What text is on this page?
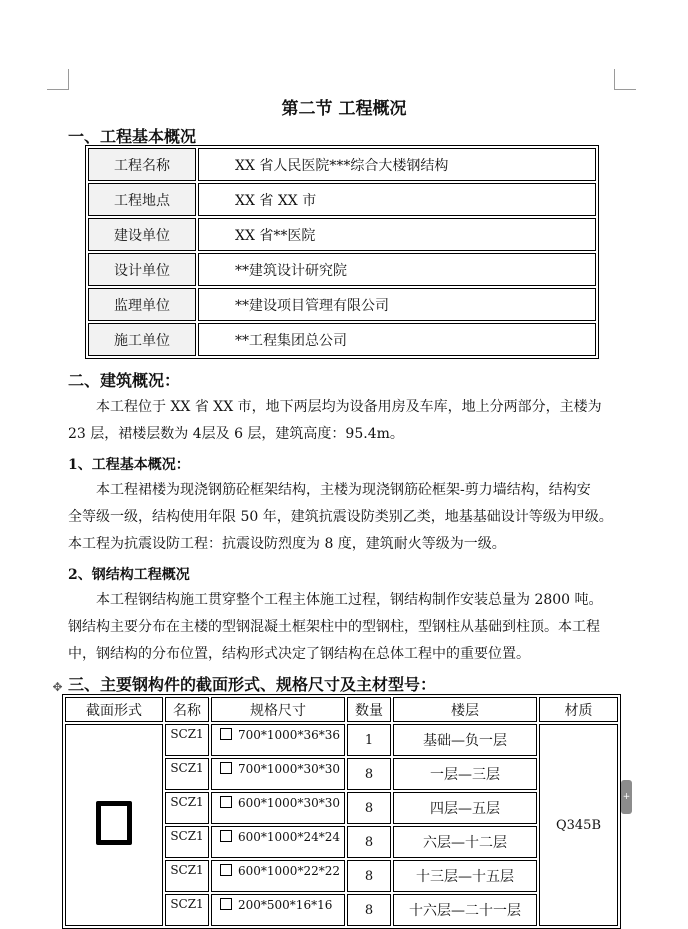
第二节 工程概况
一、工程基本概况
工程名称	XX 省人民医院***综合大楼钢结构
工程地点	XX 省 XX 市
建设单位	XX 省**医院
设计单位	**建筑设计研究院
监理单位	**建设项目管理有限公司
施工单位	**工程集团总公司
二、建筑概况：

本工程位于 XX 省 XX 市，地下两层均为设备用房及车库，地上分两部分，主楼为

23 层，裙楼层数为 4层及 6 层，建筑高度：95.4m。

1、工程基本概况：

本工程裙楼为现浇钢筋砼框架结构，主楼为现浇钢筋砼框架-剪力墙结构，结构安

全等级一级，结构使用年限 50 年，建筑抗震设防类别乙类，地基基础设计等级为甲级。

本工程为抗震设防工程：抗震设防烈度为 8 度，建筑耐火等级为一级。

2、钢结构工程概况

本工程钢结构施工贯穿整个工程主体施工过程，钢结构制作安装总量为 2800 吨。

钢结构主要分布在主楼的型钢混凝土框架柱中的型钢柱，型钢柱从基础到柱顶。本工程

中，钢结构的分布位置，结构形式决定了钢结构在总体工程中的重要位置。

✥ 三、主要钢构件的截面形式、规格尺寸及主材型号：
截面形式	名称	规格尺寸	数量	楼层	材质
	SCZ1	700*1000*36*36	1	基础—负一层	Q345B
	SCZ1	700*1000*30*30	8	一层—三层	
	SCZ1	600*1000*30*30	8	四层—五层	
	SCZ1	600*1000*24*24	8	六层—十二层	
	SCZ1	600*1000*22*22	8	十三层—十五层	
	SCZ1	200*500*16*16	8	十六层—二十一层	
+
